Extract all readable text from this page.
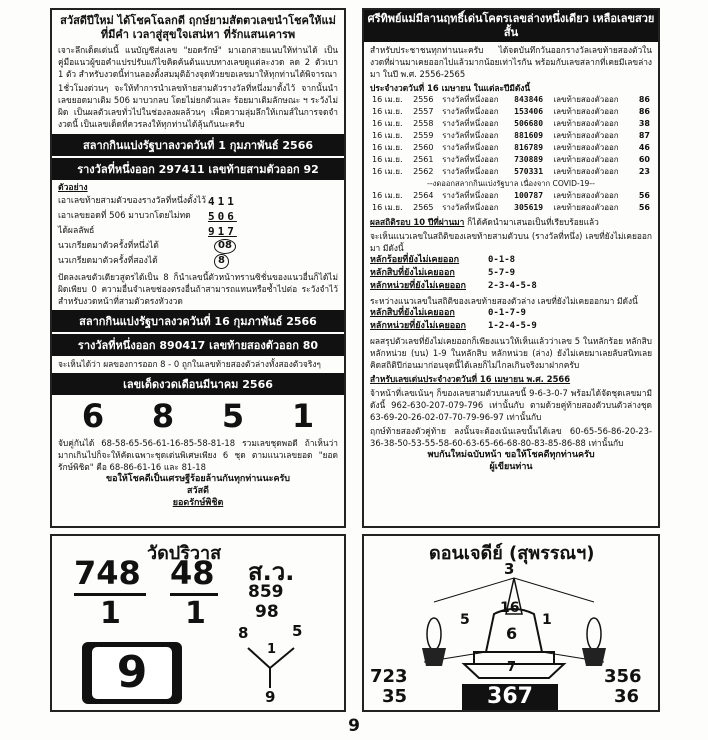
สวัสดีปีใหม่ ได้โชคโฉลกดี ฤกษ์ยามสัตตวเลขนำโชคให้แม่ที่มีคำ เวลาสู่สุขใจเสน่หา ที่รักแสนเคารพ
เจาะลึกเด็ดเด่นนี้ แนบัญชีส่งเลข "ยอดรักษ์" มาเอกสายแนบให้ท่านได้ เป็นคู่มือแนวผู้ขอคำแปรปรับแก้ไขคิดค้นต้นแบบทางเลขดูแต่ละงวด ลด 2 ตัวเบา 1 ตัว สำหรับงวดนี้ท่านลองตั้งสมมุติอ้างจุดหัวยขอเลขมาให้ทุกท่านได้พิจารณา
1ชั่วโมงด่วนๆ จะให้ทำการนำเลขท้ายสามตัวรางวัลที่หนึ่งมาตั้งไว้ จากนั้นนำเลขยอดมาเติม 506 มาบวกลบ โดยไม่ยกตัวและ ร้อยมาเติมลักษณะ ฯ ระวังไม่ผิด เป็นผลตัวเลขทั่วไปในช่องลงผลล้วนๆ เพื่อความลุ่มลึกให้เกมส์ในการจดจำงวดนี้ เป็นเลขเด็ดที่ควรลงให้ทุกท่านได้ลุ้นกันนะครับ
สลากกินแบ่งรัฐบาลงวดวันที่ 1 กุมภาพันธ์ 2566
รางวัลที่หนึ่งออก 297411 เลขท้ายสามตัวออก 92
ตัวอย่าง
เอาเลขท้ายสามตัวของรางวัลที่หนึ่งตั้งไว้ 411
เอาเลขยอดที่ 506 มาบวกโดยไม่ทด	506
ได้ผลลัพธ์	917
นวเกรียดมาตัวครั้งที่หนึ่งได้	08
นวเกรียดมาตัวครั้งที่สองได้	8
ปัดลงเลขตัวเดียวสูตรได้เป็น 8 ก็นำเลขนี้ตัวหน้าทรานซิชั่นของแนวอื่นก็ได้ไม่ผิดเพียบ 0 ความอื่นจำเลขช่องตรงอื่นถ้าสามารถแทนหรือซ้ำไปต่อ ระวังจำไว้ สำหรับงวดหน้าที่สามตัวตรงหัวงวด
สลากกินแบ่งรัฐบาลงวดวันที่ 16 กุมภาพันธ์ 2566
รางวัลที่หนึ่งออก 890417 เลขท้ายสองตัวออก 80
จะเห็นได้ว่า ผลของการออก 8 - 0 ถูกในเลขท้ายสองตัวล่างทั้งสองตัวจริงๆ
เลขเด็ดงวดเดือนมีนาคม 2566
6 8 5 1
จับคู่กันได้ 68-58-65-56-61-16-85-58-81-18 รวมเลขชุดพอดี ถ้าเห็นว่ามากเกินไปก็จะให้คัดเฉพาะชุดเด่นพิเศษเพียง 6 ชุด ตามแนวเลขยอด "ยอดรักษ์พิชิต" คือ 68-86-61-16 และ 81-18
ขอให้โชคดีเป็นเศรษฐีร้อยล้านกันทุกท่านนะครับ
สวัสดี
ยอดรักษ์พิชิต
ศรีทิพย์แม่มีลานฤทธิ์เด่นโคตรเลขล่างหนึ่งเดียว เหลือเลขสวยสั้น
สำหรับประชาชนทุกท่านนะครับ ได้จดบันทึกวันออกรางวัลเลขท้ายสองตัวในงวดที่ผ่านมาเคยออกไปแล้วมากน้อยเท่าไรกัน พร้อมกับเลขสลากที่เคยมีเลขล่างมา ในปี พ.ศ. 2556-2565
ประจำงวดวันที่ 16 เมษายน ในแต่ละปีมีดังนี้
16 เม.ย.	2556	รางวัลที่หนึ่งออก	843846	เลขท้ายสองตัวออก	86
16 เม.ย.	2557	รางวัลที่หนึ่งออก	153406	เลขท้ายสองตัวออก	86
16 เม.ย.	2558	รางวัลที่หนึ่งออก	506680	เลขท้ายสองตัวออก	38
16 เม.ย.	2559	รางวัลที่หนึ่งออก	881609	เลขท้ายสองตัวออก	87
16 เม.ย.	2560	รางวัลที่หนึ่งออก	816789	เลขท้ายสองตัวออก	46
16 เม.ย.	2561	รางวัลที่หนึ่งออก	730889	เลขท้ายสองตัวออก	60
16 เม.ย.	2562	รางวัลที่หนึ่งออก	570331	เลขท้ายสองตัวออก	23
--งดออกสลากกินแบ่งรัฐบาล เนื่องจาก COVID-19--					
16 เม.ย.	2564	รางวัลที่หนึ่งออก	100787	เลขท้ายสองตัวออก	56
16 เม.ย.	2565	รางวัลที่หนึ่งออก	305619	เลขท้ายสองตัวออก	56
ผลสถิติรอบ 10 ปีที่ผ่านมา ก็ได้คัดนำมาเสนอเป็นที่เรียบร้อยแล้ว
จะเห็นแนวเลขในสถิติของเลขท้ายสามตัวบน (รางวัลที่หนึ่ง) เลขที่ยังไม่เคยออกมา มีดังนี้
หลักร้อยที่ยังไม่เคยออก	0-1-8
หลักสิบที่ยังไม่เคยออก	5-7-9
หลักหน่วยที่ยังไม่เคยออก	2-3-4-5-8
ระหว่างแนวเลขในสถิติของเลขท้ายสองตัวล่าง เลขที่ยังไม่เคยออกมา มีดังนี้
หลักสิบที่ยังไม่เคยออก	0-1-7-9
หลักหน่วยที่ยังไม่เคยออก	1-2-4-5-9
ผลสรุปตัวเลขที่ยังไม่เคยออกก็เพียงแนวให้เห็นแล้วว่าเลข 5 ในหลักร้อย หลักสิบ หลักหน่วย (บน) 1-9 ในหลักสิบ หลักหน่วย (ล่าง) ยังไม่เคยมาเลยลับสนิทเลยคิดสถิติปีก่อนมาก่อนจุดนี้ได้เลยก็ไม่ไกลเกินจริงมาฝากครับ
สำหรับเลขเด่นประจำงวดวันที่ 16 เมษายน พ.ศ. 2566
จ้าหน้าที่เลขเน้นๆ ก็ของเลขสามตัวบนเลขนี้ 9-6-3-0-7 พร้อมได้จัดชุดเลขมามีดังนี้ 962-630-207-079-796 เท่านั้นกับ ตามด้วยคู่ท้ายสองตัวบนตัวล่างชุด 63-69-20-26-02-07-70-79-96-97 เท่านั้นกับ
ฤกษ์ท้ายสองตัวคู่ท้าย ลงนั้นจะต้องเน้นเลขนั้นได้เลข 60-65-56-86-20-23-36-38-50-53-55-58-60-63-65-66-68-80-83-85-86-88 เท่านั้นกับ
พบกันใหม่ฉบับหน้า ขอให้โชคดีทุกท่านครับ
ผู้เขียนท่าน
วัดปริวาส
748
1
48
1
ส.ว.
859
98
8	5
1
9
9
ดอนเจดีย์ (สุพรรณฯ)
3
5	1
16
6
7
723
35
356
36
367
9
